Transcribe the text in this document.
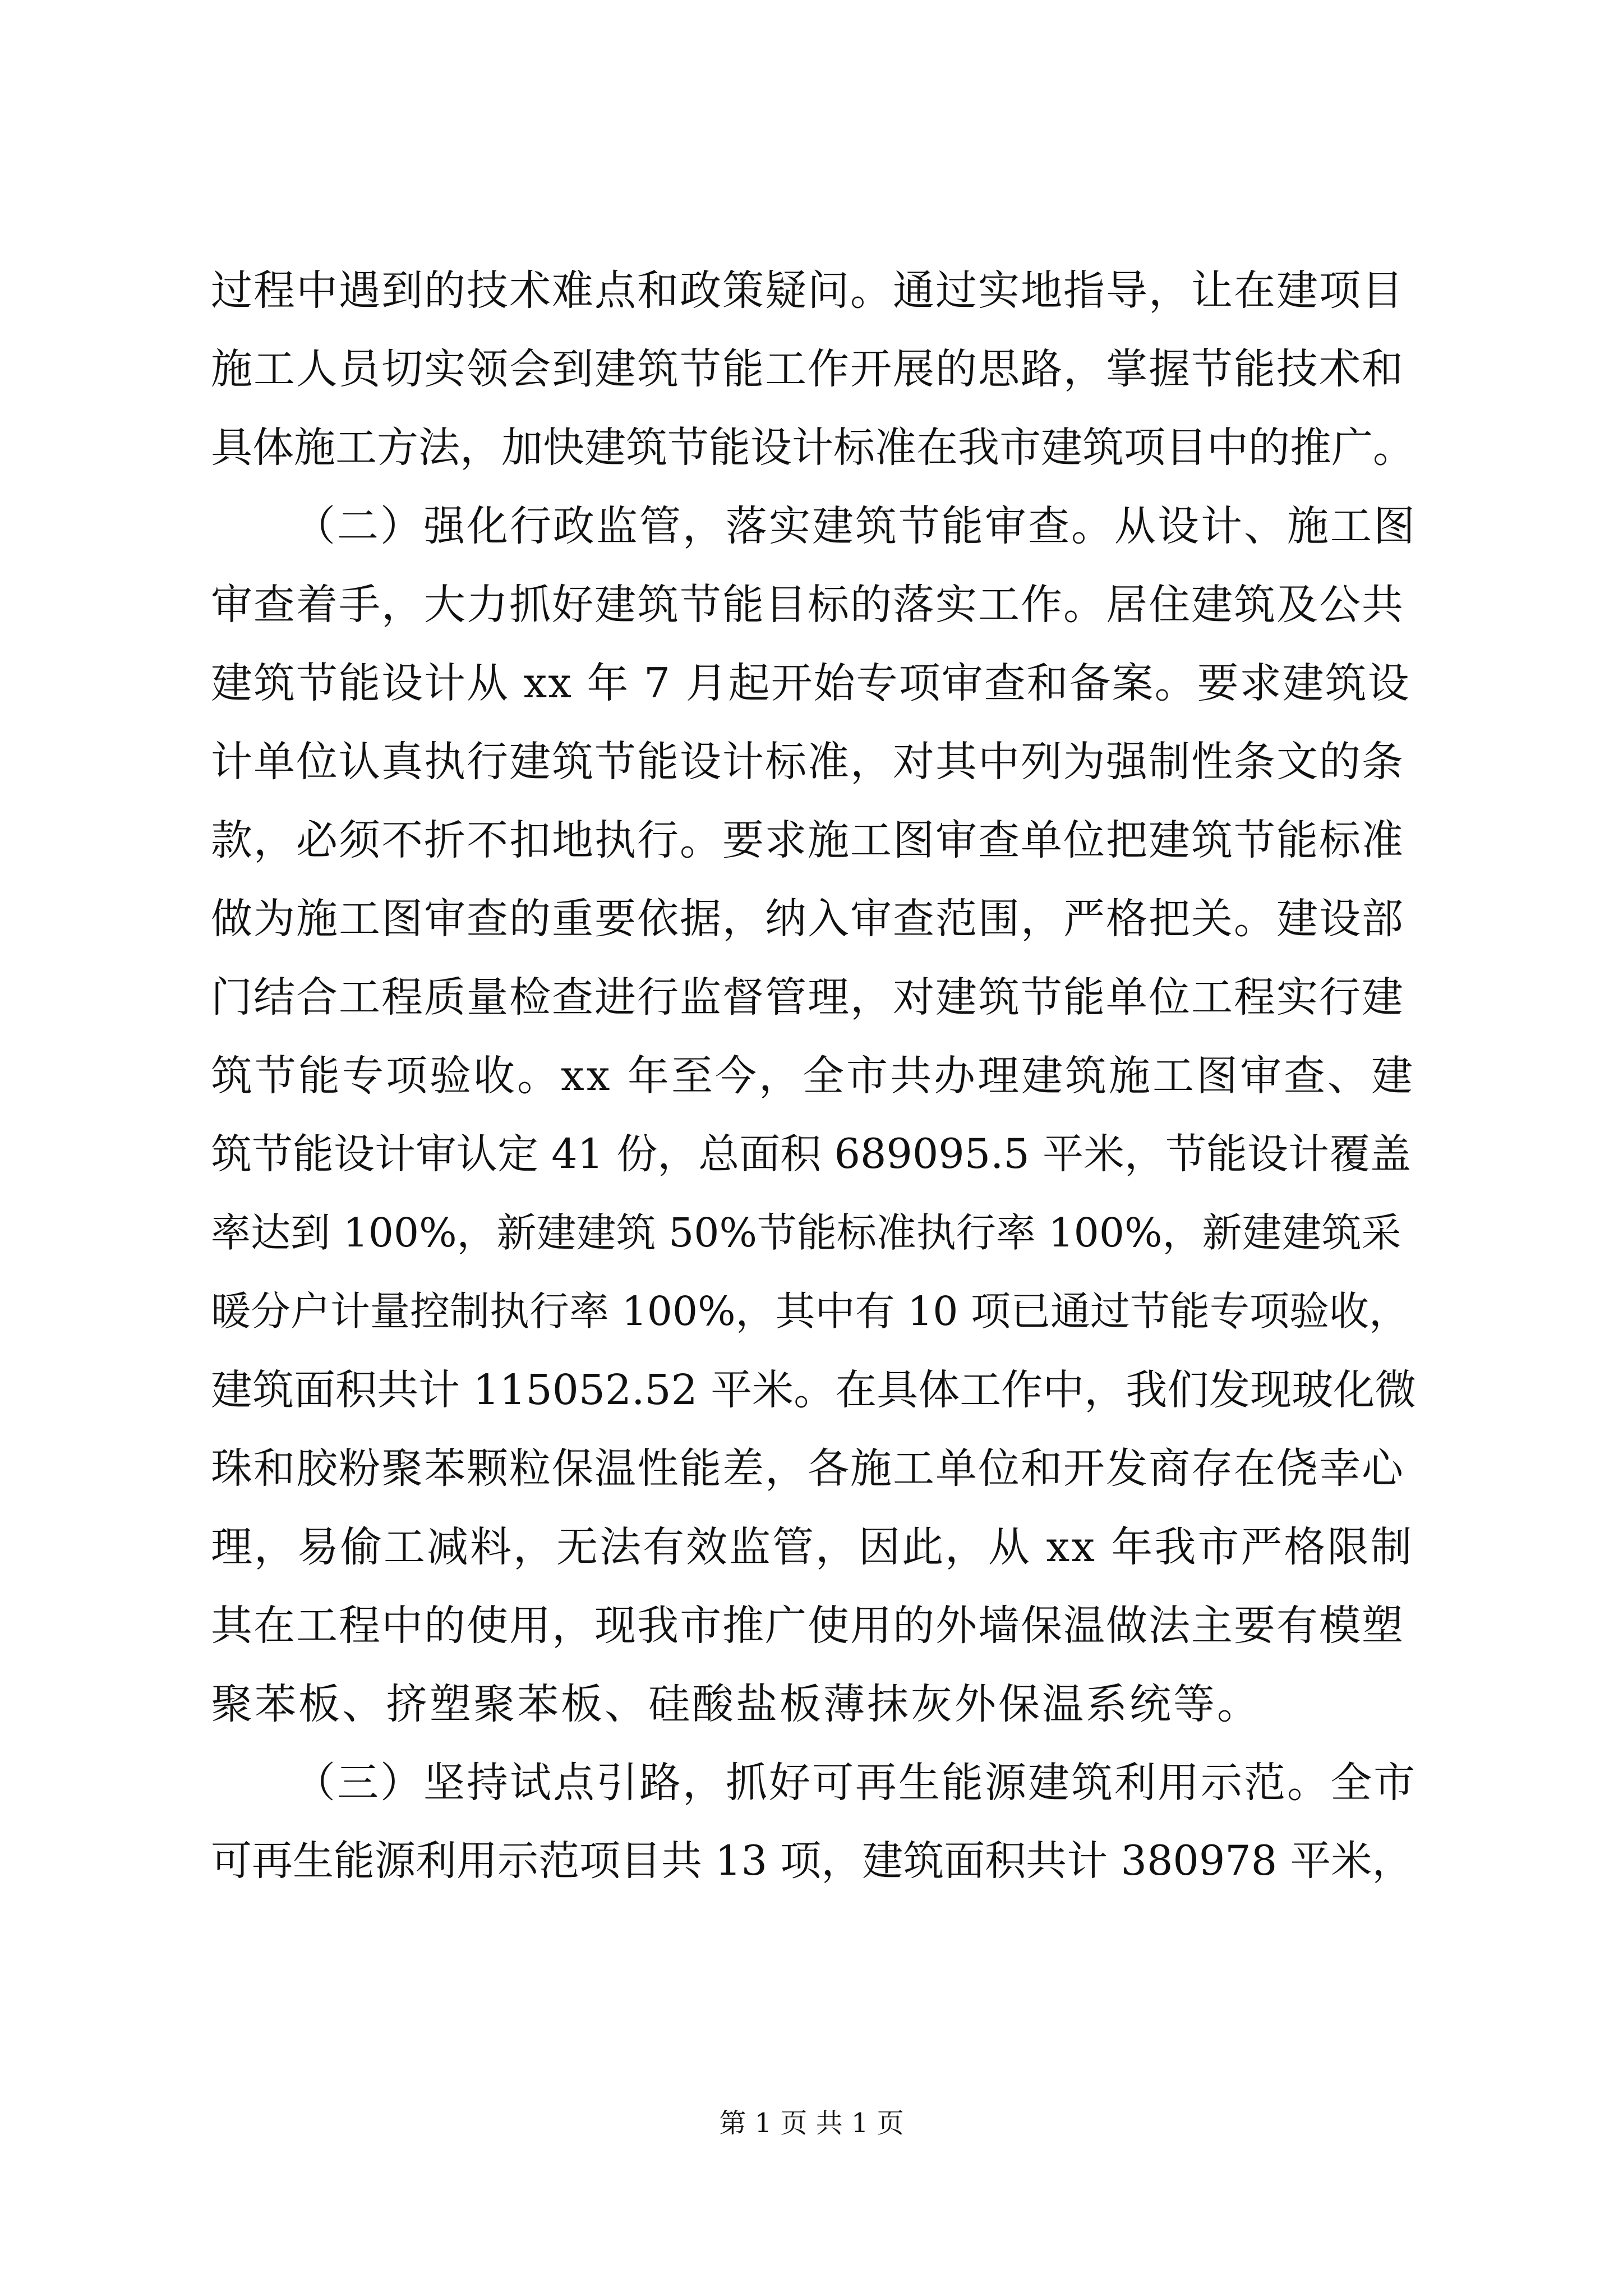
过程中遇到的技术难点和政策疑问。通过实地指导，让在建项目
施工人员切实领会到建筑节能工作开展的思路，掌握节能技术和
具体施工方法，加快建筑节能设计标准在我市建筑项目中的推广。
（二）强化行政监管，落实建筑节能审查。从设计、施工图
审查着手，大力抓好建筑节能目标的落实工作。居住建筑及公共
建筑节能设计从 xx 年 7 月起开始专项审查和备案。要求建筑设
计单位认真执行建筑节能设计标准，对其中列为强制性条文的条
款，必须不折不扣地执行。要求施工图审查单位把建筑节能标准
做为施工图审查的重要依据，纳入审查范围，严格把关。建设部
门结合工程质量检查进行监督管理，对建筑节能单位工程实行建
筑节能专项验收。xx 年至今，全市共办理建筑施工图审查、建
筑节能设计审认定 41 份，总面积 689095.5 平米，节能设计覆盖
率达到 100%，新建建筑 50%节能标准执行率 100%，新建建筑采
暖分户计量控制执行率 100%，其中有 10 项已通过节能专项验收，
建筑面积共计 115052.52 平米。在具体工作中，我们发现玻化微
珠和胶粉聚苯颗粒保温性能差，各施工单位和开发商存在侥幸心
理，易偷工减料，无法有效监管，因此，从 xx 年我市严格限制
其在工程中的使用，现我市推广使用的外墙保温做法主要有模塑
聚苯板、挤塑聚苯板、硅酸盐板薄抹灰外保温系统等。
（三）坚持试点引路，抓好可再生能源建筑利用示范。全市
可再生能源利用示范项目共 13 项，建筑面积共计 380978 平米，
第 1 页 共 1 页
